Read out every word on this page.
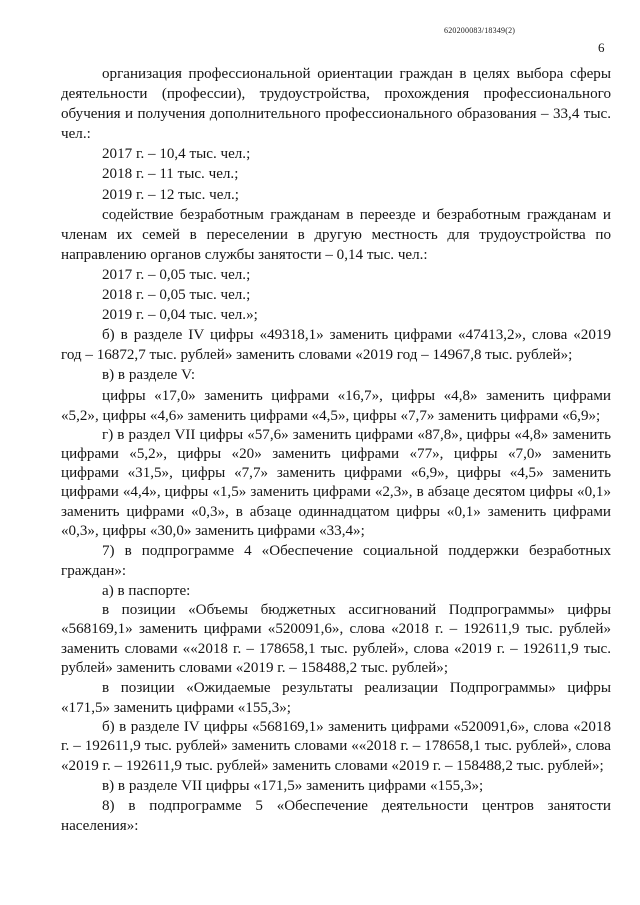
620200083/18349(2)
6

организация профессиональной ориентации граждан в целях выбора сферы деятельности (профессии), трудоустройства, прохождения профессионального обучения и получения дополнительного профессионального образования – 33,4 тыс. чел.:

2017 г. – 10,4 тыс. чел.;

2018 г. – 11 тыс. чел.;

2019 г. – 12 тыс. чел.;

содействие безработным гражданам в переезде и безработным гражданам и членам их семей в переселении в другую местность для трудоустройства по направлению органов службы занятости – 0,14 тыс. чел.:

2017 г. – 0,05 тыс. чел.;

2018 г. – 0,05 тыс. чел.;

2019 г. – 0,04 тыс. чел.»;

б) в разделе IV цифры «49318,1» заменить цифрами «47413,2», слова «2019 год – 16872,7 тыс. рублей» заменить словами «2019 год – 14967,8 тыс. рублей»;

в) в разделе V:

цифры «17,0» заменить цифрами «16,7», цифры «4,8» заменить цифрами «5,2», цифры «4,6» заменить цифрами «4,5», цифры «7,7» заменить цифрами «6,9»;

г) в раздел VII цифры «57,6» заменить цифрами «87,8», цифры «4,8» заменить цифрами «5,2», цифры «20» заменить цифрами «77», цифры «7,0» заменить цифрами «31,5», цифры «7,7» заменить цифрами «6,9», цифры «4,5» заменить цифрами «4,4», цифры «1,5» заменить цифрами «2,3», в абзаце десятом цифры «0,1» заменить цифрами «0,3», в абзаце одиннадцатом цифры «0,1» заменить цифрами «0,3», цифры «30,0» заменить цифрами «33,4»;

7) в подпрограмме 4 «Обеспечение социальной поддержки безработных граждан»:

а) в паспорте:

в позиции «Объемы бюджетных ассигнований Подпрограммы» цифры «568169,1» заменить цифрами «520091,6», слова «2018 г. – 192611,9 тыс. рублей» заменить словами ««2018 г. – 178658,1 тыс. рублей», слова «2019 г. – 192611,9 тыс. рублей» заменить словами «2019 г. – 158488,2 тыс. рублей»;

в позиции «Ожидаемые результаты реализации Подпрограммы» цифры «171,5» заменить цифрами «155,3»;

б) в разделе IV цифры «568169,1» заменить цифрами «520091,6», слова «2018 г. – 192611,9 тыс. рублей» заменить словами ««2018 г. – 178658,1 тыс. рублей», слова «2019 г. – 192611,9 тыс. рублей» заменить словами «2019 г. – 158488,2 тыс. рублей»;

в) в разделе VII цифры «171,5» заменить цифрами «155,3»;

8) в подпрограмме 5 «Обеспечение деятельности центров занятости населения»:
